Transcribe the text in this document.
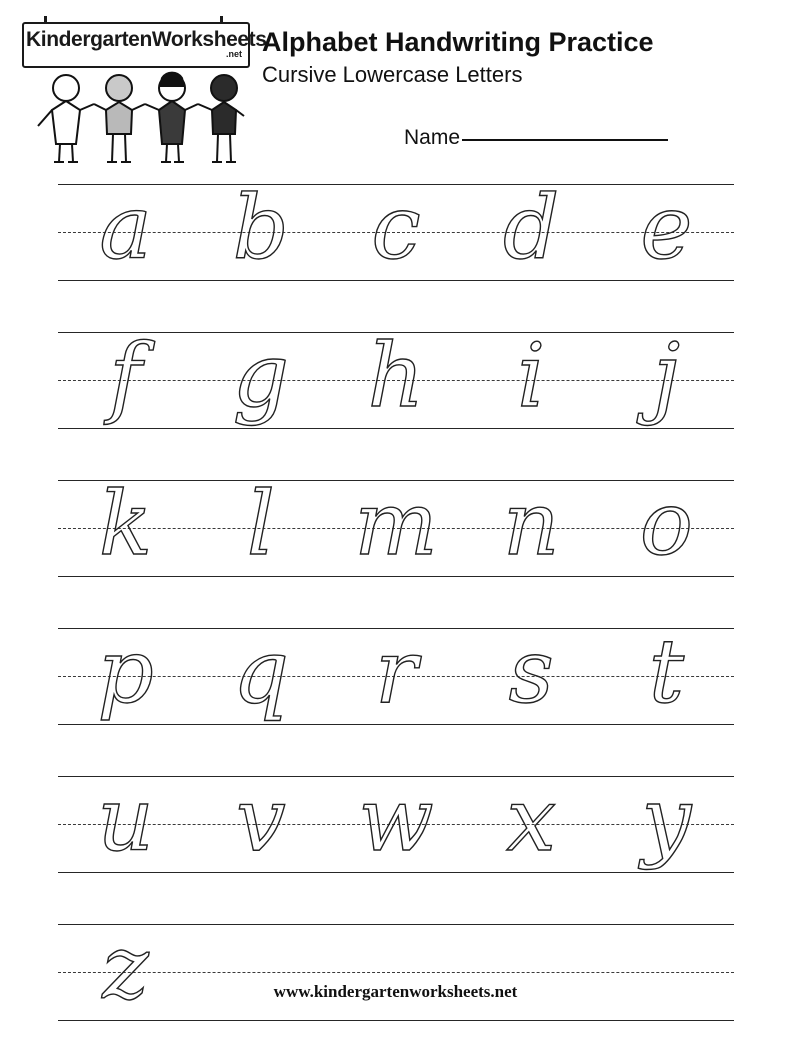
KindergartenWorksheets
.net Alphabet Handwriting Practice
Cursive Lowercase Letters
Name
a b c d e
f g h i j
k l m n o
p q r s t
u v w x y
z	www.kindergartenworksheets.net
